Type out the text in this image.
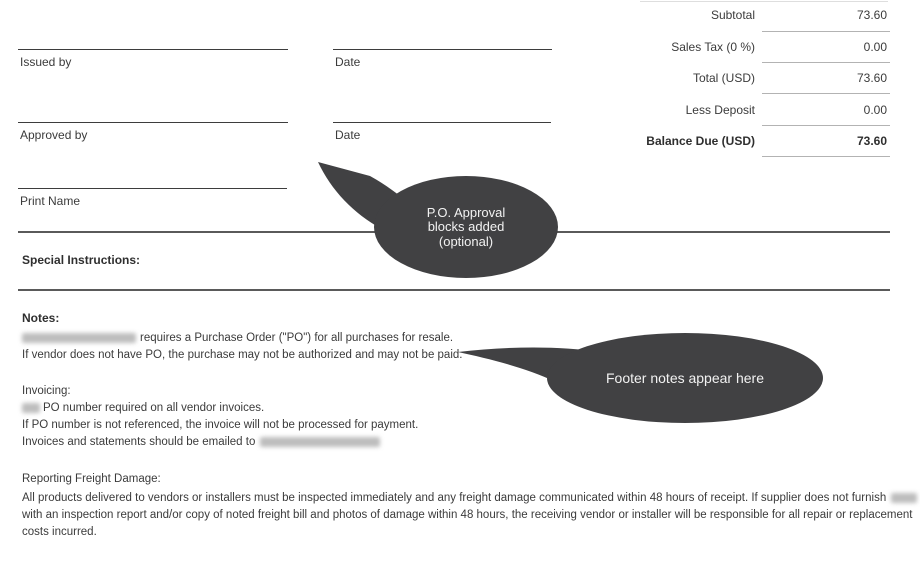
Subtotal	73.60
Sales Tax (0 %)	0.00
Total (USD)	73.60
Less Deposit	0.00
Balance Due (USD)	73.60
Issued by	Date
Approved by	Date
Print Name
Special Instructions:
Notes:
requires a Purchase Order ("PO") for all purchases for resale.
If vendor does not have PO, the purchase may not be authorized and may not be paid.
Invoicing:
PO number required on all vendor invoices.
If PO number is not referenced, the invoice will not be processed for payment.
Invoices and statements should be emailed to
Reporting Freight Damage:
All products delivered to vendors or installers must be inspected immediately and any freight damage communicated within 48 hours of receipt. If supplier does not furnish
with an inspection report and/or copy of noted freight bill and photos of damage within 48 hours, the receiving vendor or installer will be responsible for all repair or replacement
costs incurred.
P.O. Approval
blocks added
(optional)
Footer notes appear here
